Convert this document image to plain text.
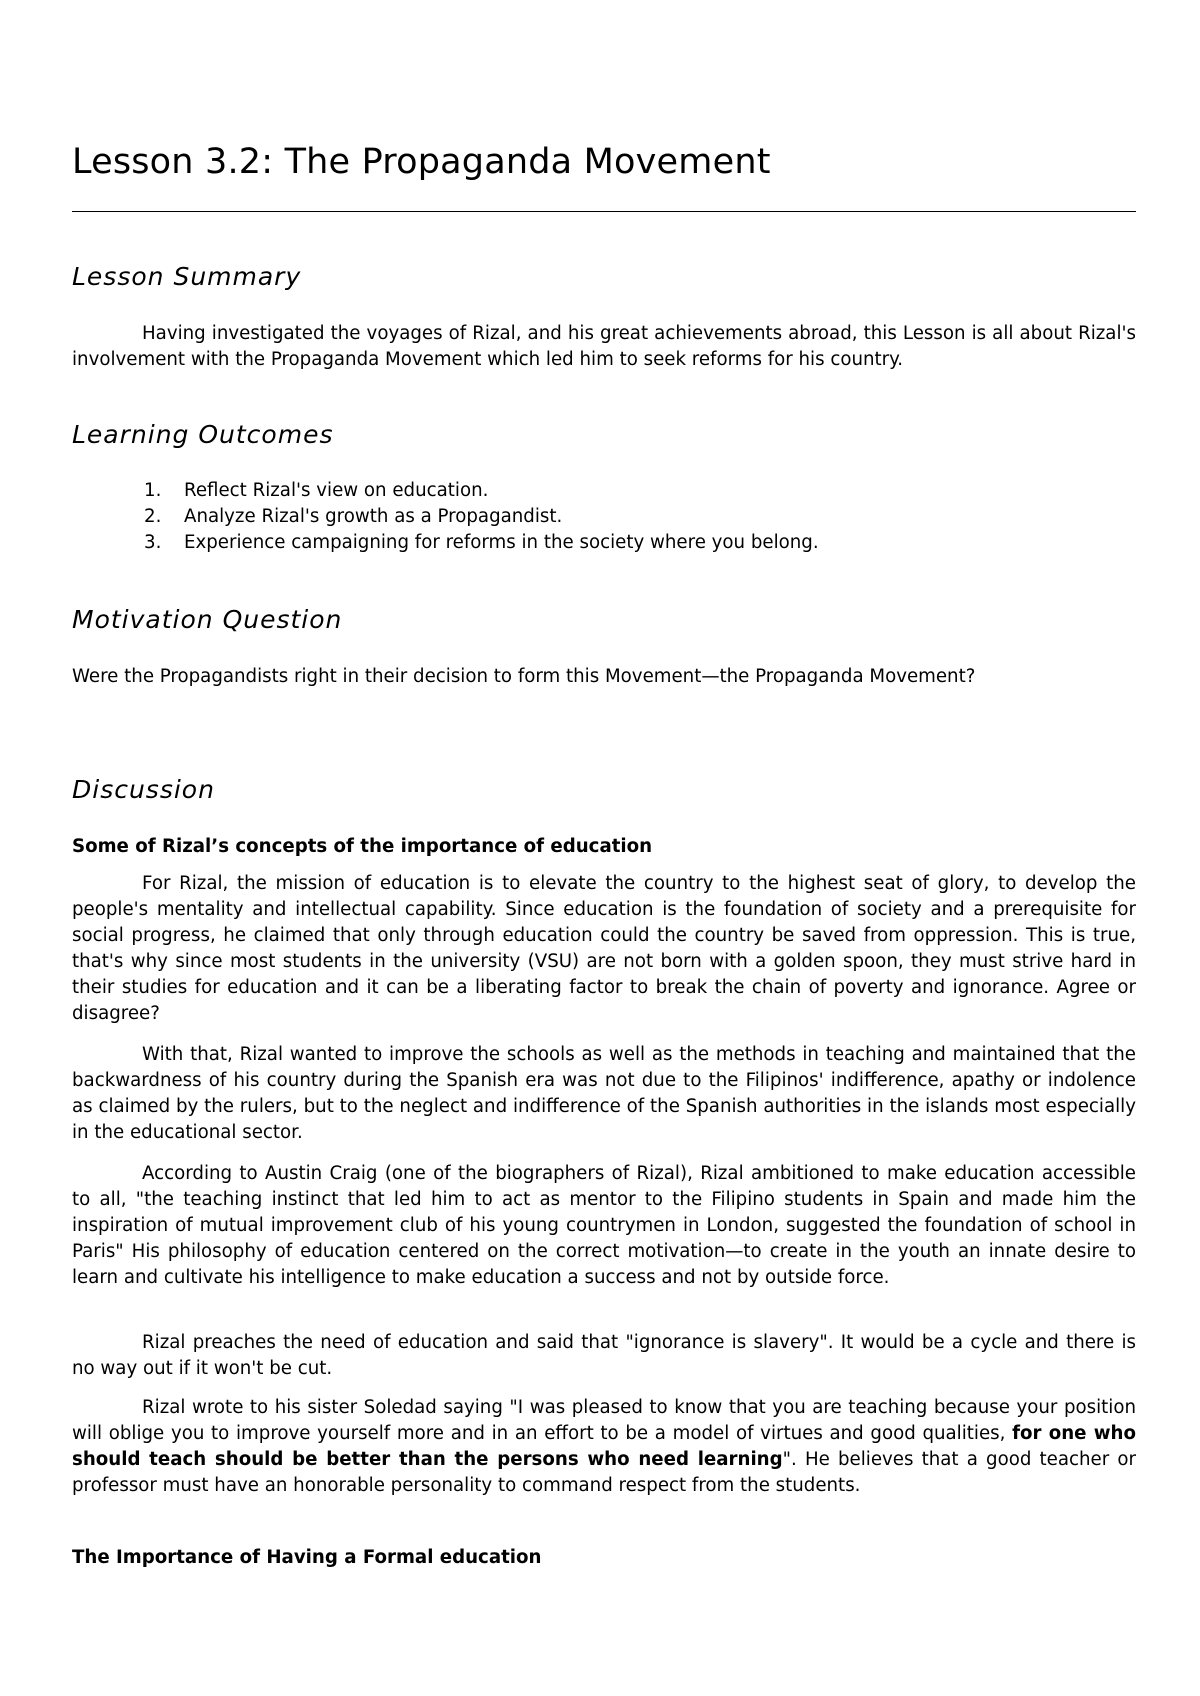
Lesson 3.2: The Propaganda Movement
Lesson Summary

Having investigated the voyages of Rizal, and his great achievements abroad, this Lesson is all about Rizal's involvement with the Propaganda Movement which led him to seek reforms for his country.

Learning Outcomes
1. Reflect Rizal's view on education.
2. Analyze Rizal's growth as a Propagandist.
3. Experience campaigning for reforms in the society where you belong.
Motivation Question

Were the Propagandists right in their decision to form this Movement—the Propaganda Movement?

Discussion
Some of Rizal’s concepts of the importance of education

For Rizal, the mission of education is to elevate the country to the highest seat of glory, to develop the people's mentality and intellectual capability. Since education is the foundation of society and a prerequisite for social progress, he claimed that only through education could the country be saved from oppression. This is true, that's why since most students in the university (VSU) are not born with a golden spoon, they must strive hard in their studies for education and it can be a liberating factor to break the chain of poverty and ignorance. Agree or disagree?

With that, Rizal wanted to improve the schools as well as the methods in teaching and maintained that the backwardness of his country during the Spanish era was not due to the Filipinos' indifference, apathy or indolence as claimed by the rulers, but to the neglect and indifference of the Spanish authorities in the islands most especially in the educational sector.

According to Austin Craig (one of the biographers of Rizal), Rizal ambitioned to make education accessible to all, "the teaching instinct that led him to act as mentor to the Filipino students in Spain and made him the inspiration of mutual improvement club of his young countrymen in London, suggested the foundation of school in Paris" His philosophy of education centered on the correct motivation—to create in the youth an innate desire to learn and cultivate his intelligence to make education a success and not by outside force.

Rizal preaches the need of education and said that "ignorance is slavery". It would be a cycle and there is no way out if it won't be cut.

Rizal wrote to his sister Soledad saying "I was pleased to know that you are teaching because your position will oblige you to improve yourself more and in an effort to be a model of virtues and good qualities, for one who should teach should be better than the persons who need learning". He believes that a good teacher or professor must have an honorable personality to command respect from the students.

The Importance of Having a Formal education
